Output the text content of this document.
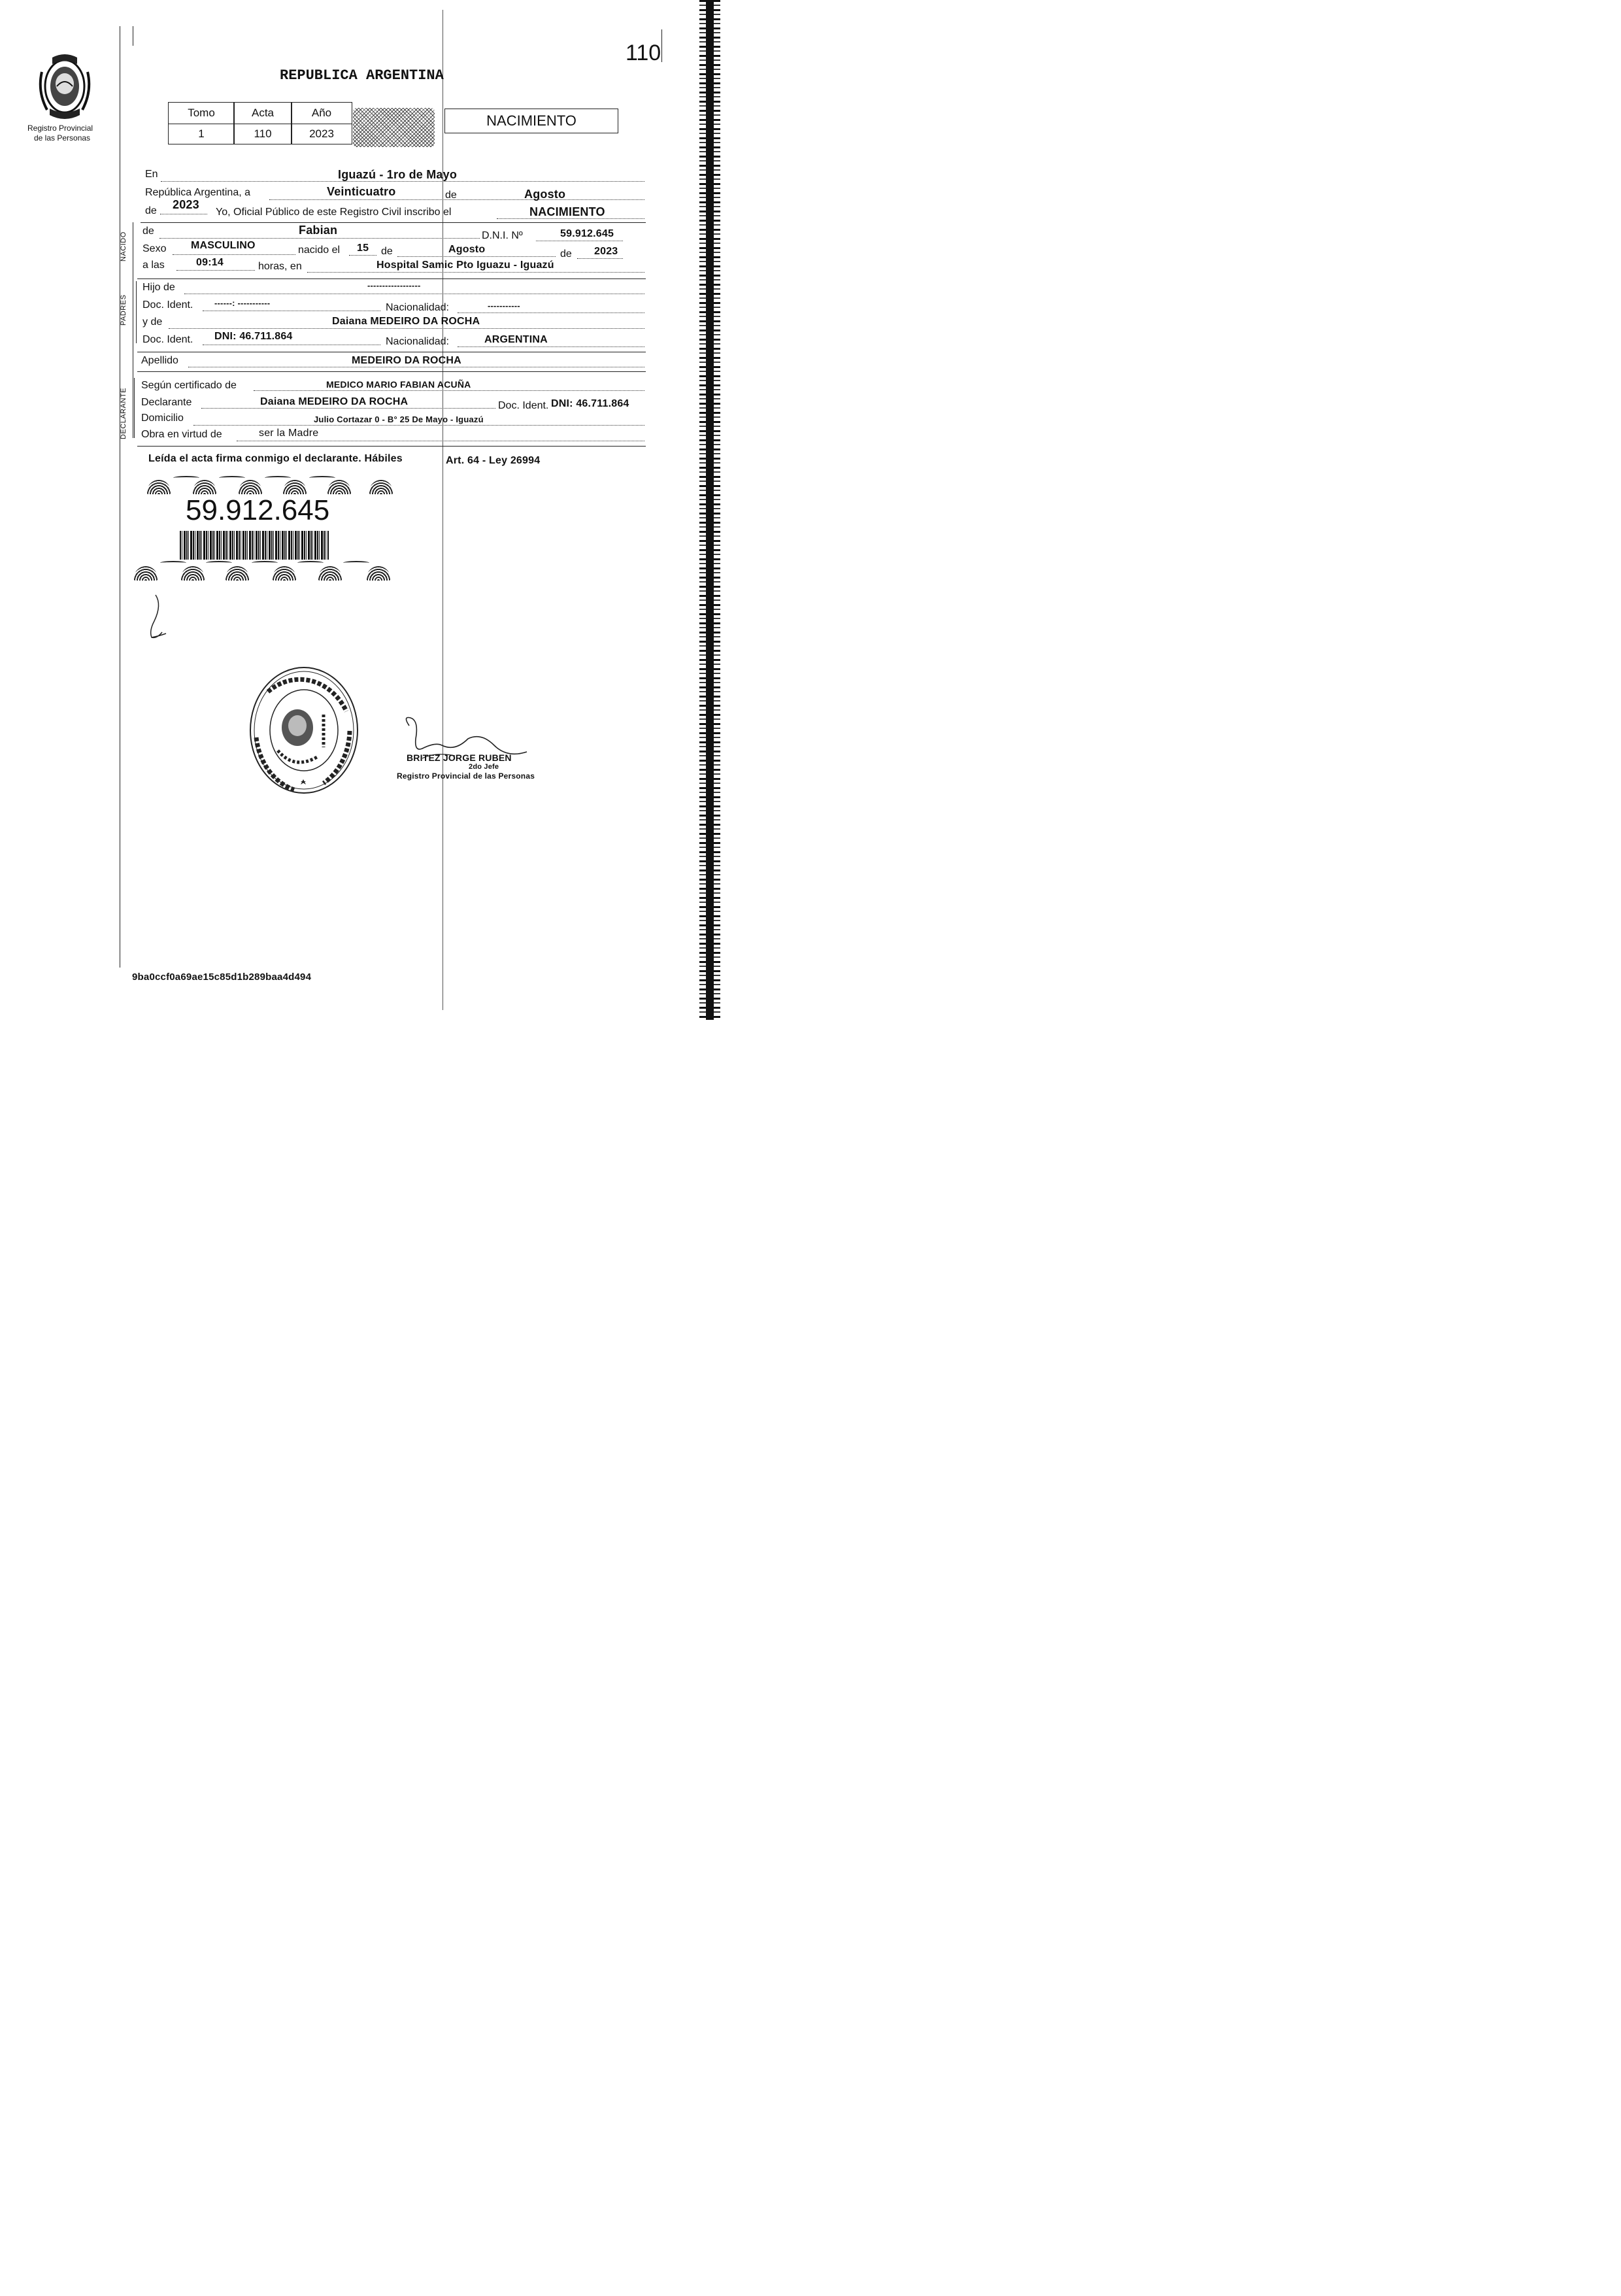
Registro Provincial
de las Personas
110
REPUBLICA ARGENTINA
Tomo	Acta	Año
1	110	2023
NACIMIENTO
NACIDO
PADRES
DECLARANTE
En	Iguazú - 1ro de Mayo
República Argentina, a	Veinticuatro	de	Agosto
de 2023
Yo, Oficial Público de este Registro Civil inscribo el	NACIMIENTO
de	Fabian	D.N.I. Nº	59.912.645
Sexo MASCULINO	nacido el 15 de	Agosto	de 2023
a las	09:14	horas, en	Hospital Samic Pto Iguazu - Iguazú
Hijo de	------------------
Doc. Ident.	------: -----------	Nacionalidad:	-----------
y de	Daiana MEDEIRO DA ROCHA
Doc. Ident. DNI: 46.711.864	Nacionalidad:	ARGENTINA
Apellido	MEDEIRO DA ROCHA
Según certificado de	MEDICO MARIO FABIAN ACUÑA
Declarante	Daiana MEDEIRO DA ROCHA	Doc. Ident. DNI: 46.711.864
Domicilio	Julio Cortazar 0 - B° 25 De Mayo - Iguazú
Obra en virtud de	ser la Madre
Leída el acta firma conmigo el declarante. Hábiles	Art. 64 - Ley 26994
59.912.645
BRITEZ JORGE RUBEN
2do Jefe
Registro Provincial de las Personas
9ba0ccf0a69ae15c85d1b289baa4d494
